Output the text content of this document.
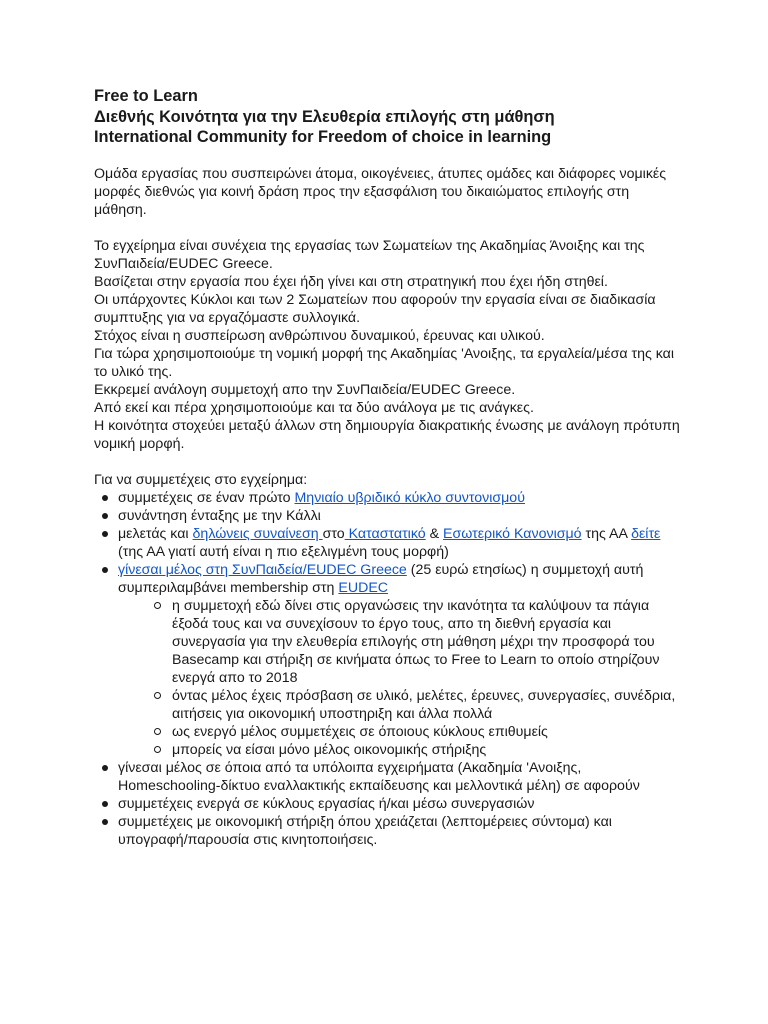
Free to Learn

Διεθνής Κοινότητα για την Ελευθερία επιλογής στη μάθηση

International Community for Freedom of choice in learning

Ομάδα εργασίας που συσπειρώνει άτομα, οικογένειες, άτυπες ομάδες και διάφορες νομικές μορφές διεθνώς για κοινή δράση προς την εξασφάλιση του δικαιώματος επιλογής στη μάθηση.

Το εγχείρημα είναι συνέχεια της εργασίας των Σωματείων της Ακαδημίας Άνοιξης και της ΣυνΠαιδεία/EUDEC Greece.

Βασίζεται στην εργασία που έχει ήδη γίνει και στη στρατηγική που έχει ήδη στηθεί.

Οι υπάρχοντες Κύκλοι και των 2 Σωματείων που αφορούν την εργασία είναι σε διαδικασία συμπτυξης για να εργαζόμαστε συλλογικά.

Στόχος είναι η συσπείρωση ανθρώπινου δυναμικού, έρευνας και υλικού.

Για τώρα χρησιμοποιούμε τη νομική μορφή της Ακαδημίας 'Ανοιξης, τα εργαλεία/μέσα της και το υλικό της.

Εκκρεμεί ανάλογη συμμετοχή απο την ΣυνΠαιδεία/EUDEC Greece.

Από εκεί και πέρα χρησιμοποιούμε και τα δύο ανάλογα με τις ανάγκες.

Η κοινότητα στοχεύει μεταξύ άλλων στη δημιουργία διακρατικής ένωσης με ανάλογη πρότυπη νομική μορφή.

Για να συμμετέχεις στο εγχείρημα:

συμμετέχεις σε έναν πρώτο Μηνιαίο υβριδικό κύκλο συντονισμού
συνάντηση ένταξης με την Κάλλι
μελετάς και δηλώνεις συναίνεση στο Καταστατικό & Εσωτερικό Κανονισμό της ΑΑ δείτε (της ΑΑ γιατί αυτή είναι η πιο εξελιγμένη τους μορφή)
γίνεσαι μέλος στη ΣυνΠαιδεία/EUDEC Greece (25 ευρώ ετησίως) η συμμετοχή αυτή συμπεριλαμβάνει membership στη EUDEC
η συμμετοχή εδώ δίνει στις οργανώσεις την ικανότητα τα καλύψουν τα πάγια έξοδά τους και να συνεχίσουν το έργο τους, απο τη διεθνή εργασία και συνεργασία για την ελευθερία επιλογής στη μάθηση μέχρι την προσφορά του Basecamp και στήριξη σε κινήματα όπως το Free to Learn το οποίο στηρίζουν ενεργά απο το 2018
όντας μέλος έχεις πρόσβαση σε υλικό, μελέτες, έρευνες, συνεργασίες, συνέδρια, αιτήσεις για οικονομική υποστηριξη και άλλα πολλά
ως ενεργό μέλος συμμετέχεις σε όποιους κύκλους επιθυμείς
μπορείς να είσαι μόνο μέλος οικονομικής στήριξης
γίνεσαι μέλος σε όποια από τα υπόλοιπα εγχειρήματα (Ακαδημία 'Ανοιξης, Homeschooling-δίκτυο εναλλακτικής εκπαίδευσης και μελλοντικά μέλη) σε αφορούν
συμμετέχεις ενεργά σε κύκλους εργασίας ή/και μέσω συνεργασιών
συμμετέχεις με οικονομική στήριξη όπου χρειάζεται (λεπτομέρειες σύντομα) και υπογραφή/παρουσία στις κινητοποιήσεις.
